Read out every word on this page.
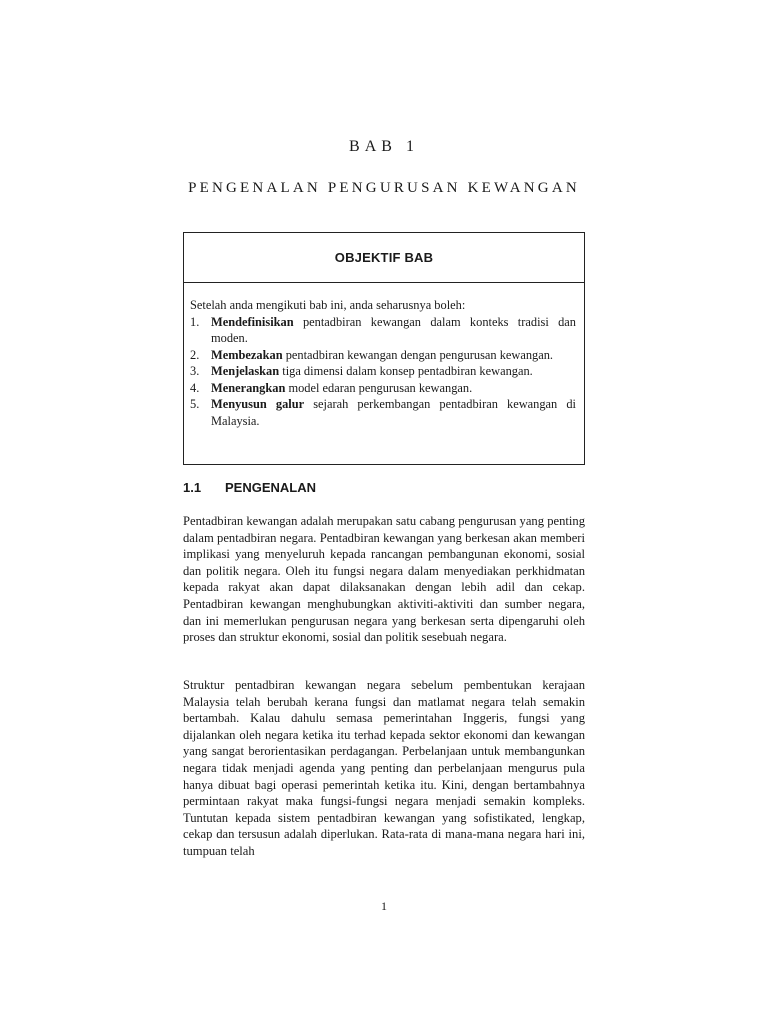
BAB 1
PENGENALAN PENGURUSAN KEWANGAN
OBJEKTIF BAB

Setelah anda mengikuti bab ini, anda seharusnya boleh:

1. Mendefinisikan pentadbiran kewangan dalam konteks tradisi dan moden.
2. Membezakan pentadbiran kewangan dengan pengurusan kewangan.
3. Menjelaskan tiga dimensi dalam konsep pentadbiran kewangan.
4. Menerangkan model edaran pengurusan kewangan.
5. Menyusun galur sejarah perkembangan pentadbiran kewangan di Malaysia.
1.1	PENGENALAN

Pentadbiran kewangan adalah merupakan satu cabang pengurusan yang penting dalam pentadbiran negara. Pentadbiran kewangan yang berkesan akan memberi implikasi yang menyeluruh kepada rancangan pembangunan ekonomi, sosial dan politik negara. Oleh itu fungsi negara dalam menyediakan perkhidmatan kepada rakyat akan dapat dilaksanakan dengan lebih adil dan cekap. Pentadbiran kewangan menghubungkan aktiviti-aktiviti dan sumber negara, dan ini memerlukan pengurusan negara yang berkesan serta dipengaruhi oleh proses dan struktur ekonomi, sosial dan politik sesebuah negara.

Struktur pentadbiran kewangan negara sebelum pembentukan kerajaan Malaysia telah berubah kerana fungsi dan matlamat negara telah semakin bertambah. Kalau dahulu semasa pemerintahan Inggeris, fungsi yang dijalankan oleh negara ketika itu terhad kepada sektor ekonomi dan kewangan yang sangat berorientasikan perdagangan. Perbelanjaan untuk membangunkan negara tidak menjadi agenda yang penting dan perbelanjaan mengurus pula hanya dibuat bagi operasi pemerintah ketika itu. Kini, dengan bertambahnya permintaan rakyat maka fungsi-fungsi negara menjadi semakin kompleks. Tuntutan kepada sistem pentadbiran kewangan yang sofistikated, lengkap, cekap dan tersusun adalah diperlukan. Rata-rata di mana-mana negara hari ini, tumpuan telah

1
